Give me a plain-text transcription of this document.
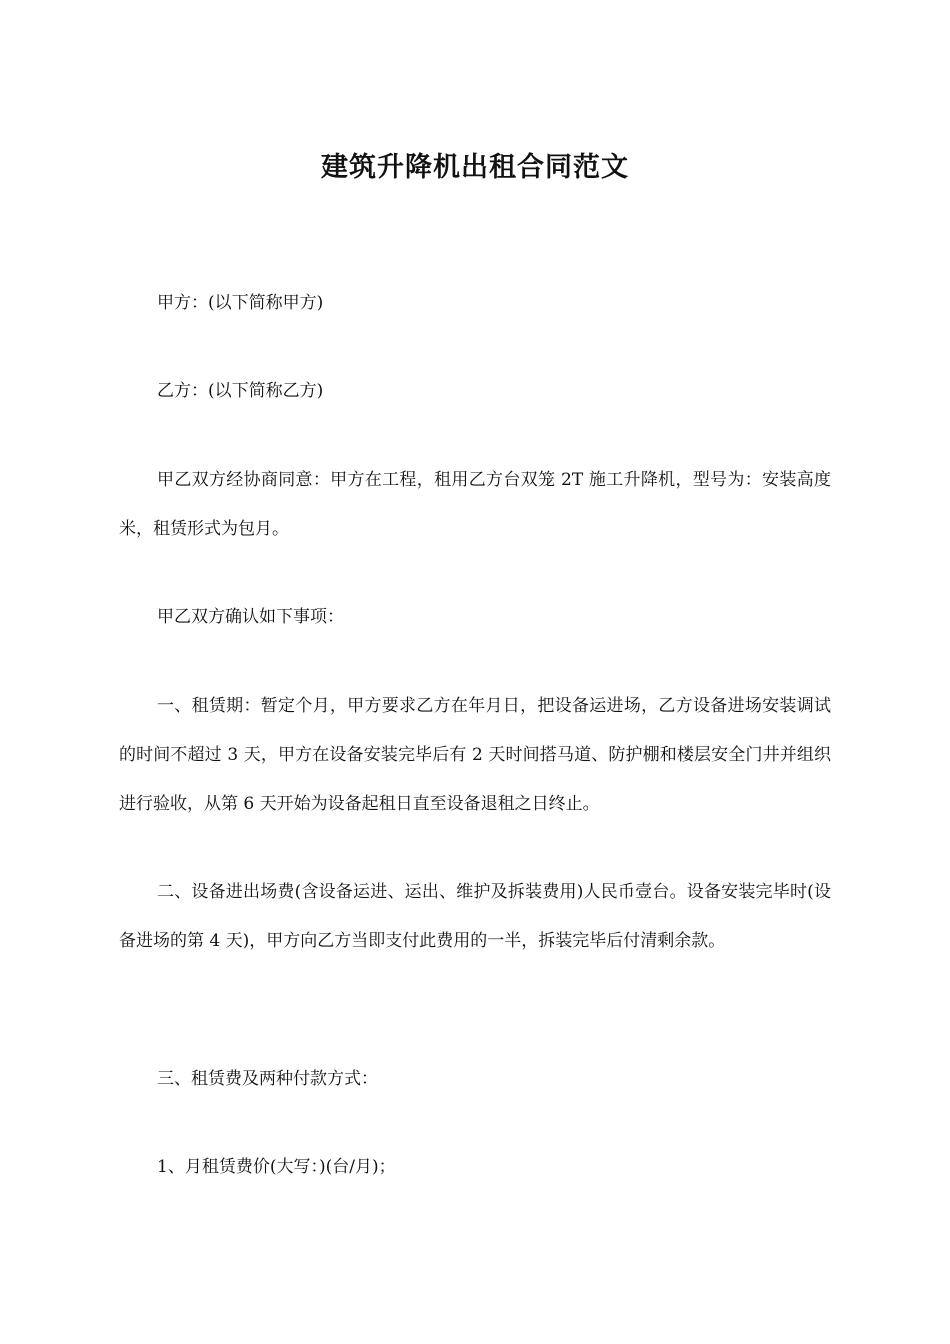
建筑升降机出租合同范文

甲方：(以下简称甲方)

乙方：(以下简称乙方)

甲乙双方经协商同意：甲方在工程，租用乙方台双笼 2T 施工升降机，型号为：安装高度米，租赁形式为包月。

甲乙双方确认如下事项：

一、租赁期：暂定个月，甲方要求乙方在年月日，把设备运进场，乙方设备进场安装调试的时间不超过 3 天，甲方在设备安装完毕后有 2 天时间搭马道、防护棚和楼层安全门井并组织进行验收，从第 6 天开始为设备起租日直至设备退租之日终止。

二、设备进出场费(含设备运进、运出、维护及拆装费用)人民币壹台。设备安装完毕时(设备进场的第 4 天)，甲方向乙方当即支付此费用的一半，拆装完毕后付清剩余款。

三、租赁费及两种付款方式：

1、月租赁费价(大写：)(台/月)；
